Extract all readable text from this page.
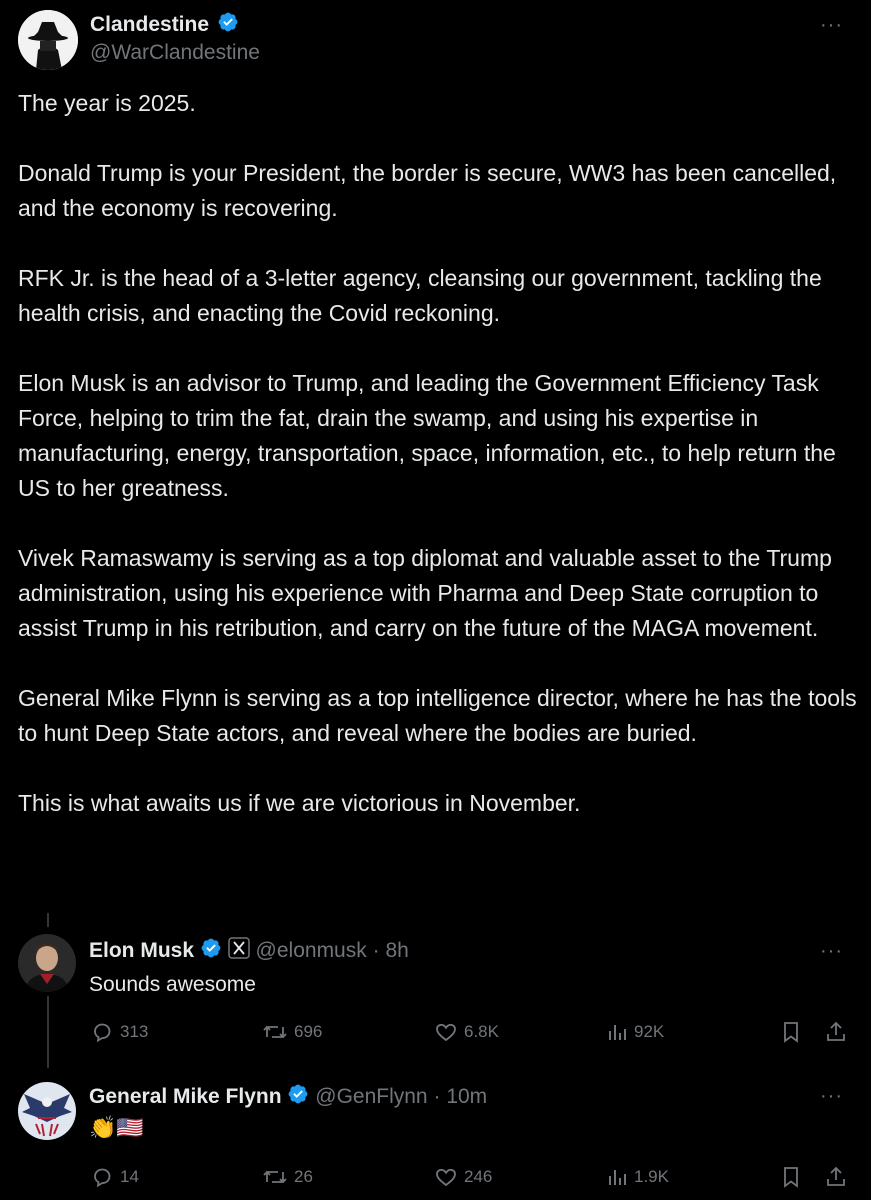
Clandestine
@WarClandestine
···

The year is 2025.

Donald Trump is your President, the border is secure, WW3 has been cancelled, and the economy is recovering.

RFK Jr. is the head of a 3-letter agency, cleansing our government, tackling the health crisis, and enacting the Covid reckoning.

Elon Musk is an advisor to Trump, and leading the Government Efficiency Task Force, helping to trim the fat, drain the swamp, and using his expertise in manufacturing, energy, transportation, space, information, etc., to help return the US to her greatness.

Vivek Ramaswamy is serving as a top diplomat and valuable asset to the Trump administration, using his experience with Pharma and Deep State corruption to assist Trump in his retribution, and carry on the future of the MAGA movement.

General Mike Flynn is serving as a top intelligence director, where he has the tools to hunt Deep State actors, and reveal where the bodies are buried.

This is what awaits us if we are victorious in November.

Elon Musk	@elonmusk · 8h	···
Sounds awesome
313	696	6.8K	92K
General Mike Flynn @GenFlynn · 10m	···
👏🇺🇸
14	26	246	1.9K
